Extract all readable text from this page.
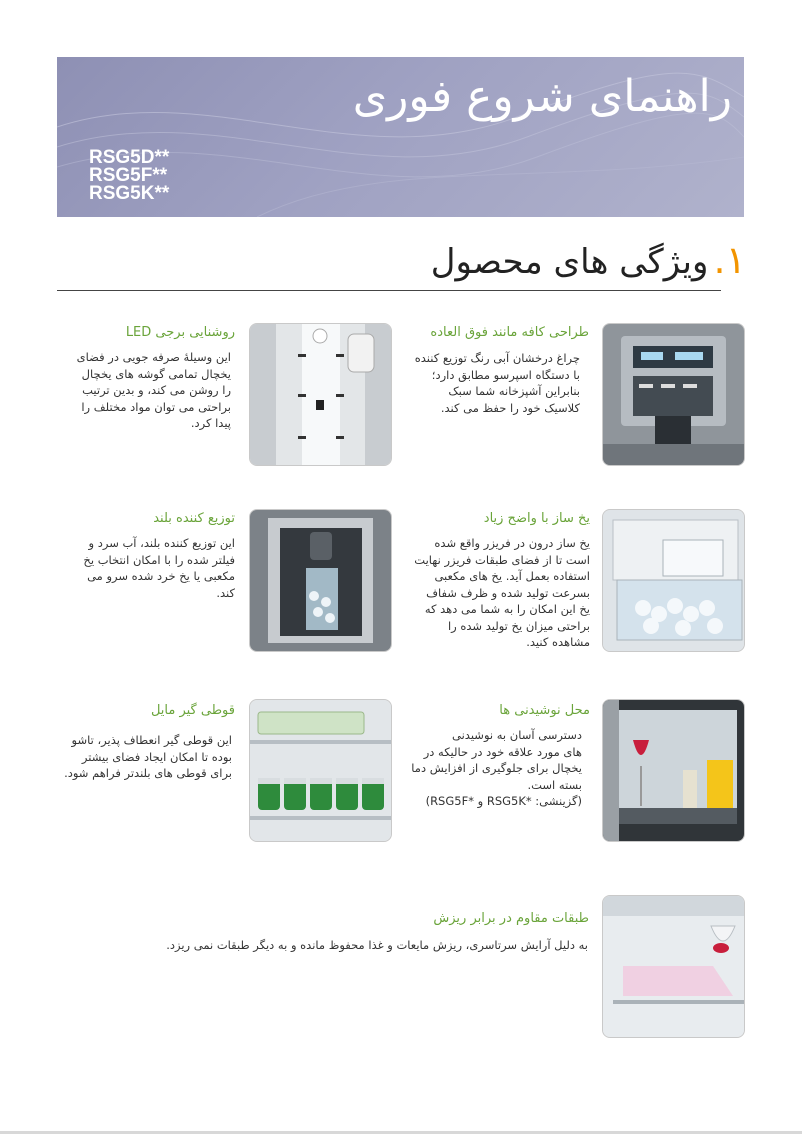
راهنمای شروع فوری
RSG5D**
RSG5F**
RSG5K**
۱. ویژگی های محصول
طراحی کافه مانند فوق العاده
چراغ درخشان آبی رنگ توزیع کننده
با دستگاه اسپرسو مطابق دارد؛
بنابراین آشپزخانه شما سبک
کلاسیک خود را حفظ می کند.
روشنایی برجی LED
این وسیلهٔ صرفه جویی در فضای
یخچال تمامی گوشه های یخچال
را روشن می کند، و بدین ترتیب
براحتی می توان مواد مختلف را
پیدا کرد.
یخ ساز با واضح زیاد
یخ ساز درون در فریزر واقع شده
است تا از فضای طبقات فریزر نهایت
استفاده بعمل آید. یخ های مکعبی
بسرعت تولید شده و ظرف شفاف
یخ این امکان را به شما می دهد که
براحتی میزان یخ تولید شده را
مشاهده کنید.
توزیع کننده بلند
این توزیع کننده بلند، آب سرد و
فیلتر شده را با امکان انتخاب یخ
مکعبی یا یخ خرد شده سرو می
کند.
محل نوشیدنی ها
دسترسی آسان به نوشیدنی
های مورد علاقه خود در حالیکه در
یخچال برای جلوگیری از افزایش دما
بسته است.
(گزینشی: *RSG5K و *RSG5F)
قوطی گیر مایل
این قوطی گیر انعطاف پذیر، تاشو
بوده تا امکان ایجاد فضای بیشتر
برای قوطی های بلندتر فراهم شود.
طبقات مقاوم در برابر ریزش
به دلیل آرایش سرتاسری، ریزش مایعات و غذا محفوظ مانده و به دیگر طبقات نمی ریزد.
